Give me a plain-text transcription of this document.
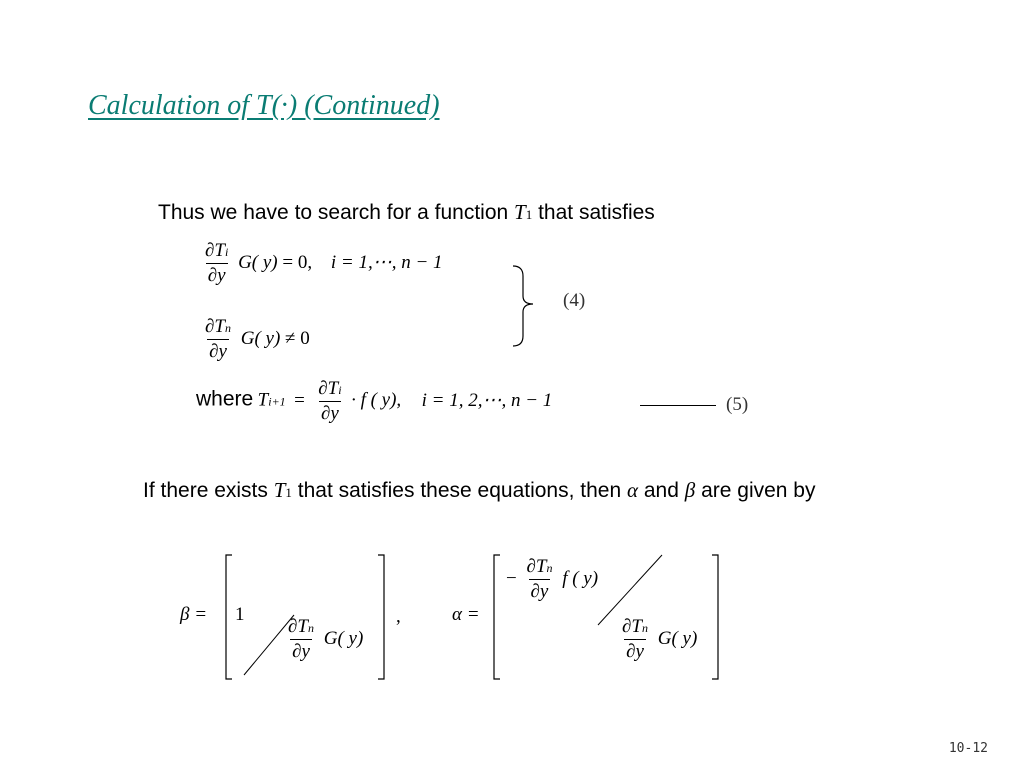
Calculation of T(·) (Continued)
Thus we have to search for a function T1 that satisfies
$\frac{\partial Ti}{\partial y} G$( y) = 0, i = 1,⋯, n − 1
$\frac{\partial Tn}{\partial y} G$( y) ≠ 0
(4)
where $Ti+1 = \frac{\partial Ti}{\partial y} \cdot f$ ( y), i = 1, 2,⋯, n − 1	(5)
If there exists T1 that satisfies these equations, then α and β are given by
β = 1
$\frac{\partial Tn}{\partial y} G$( y)
,	α =
− $\frac{\partial Tn}{\partial y}$ f ( y)
$\frac{\partial Tn}{\partial y} G$( y)
10-12
